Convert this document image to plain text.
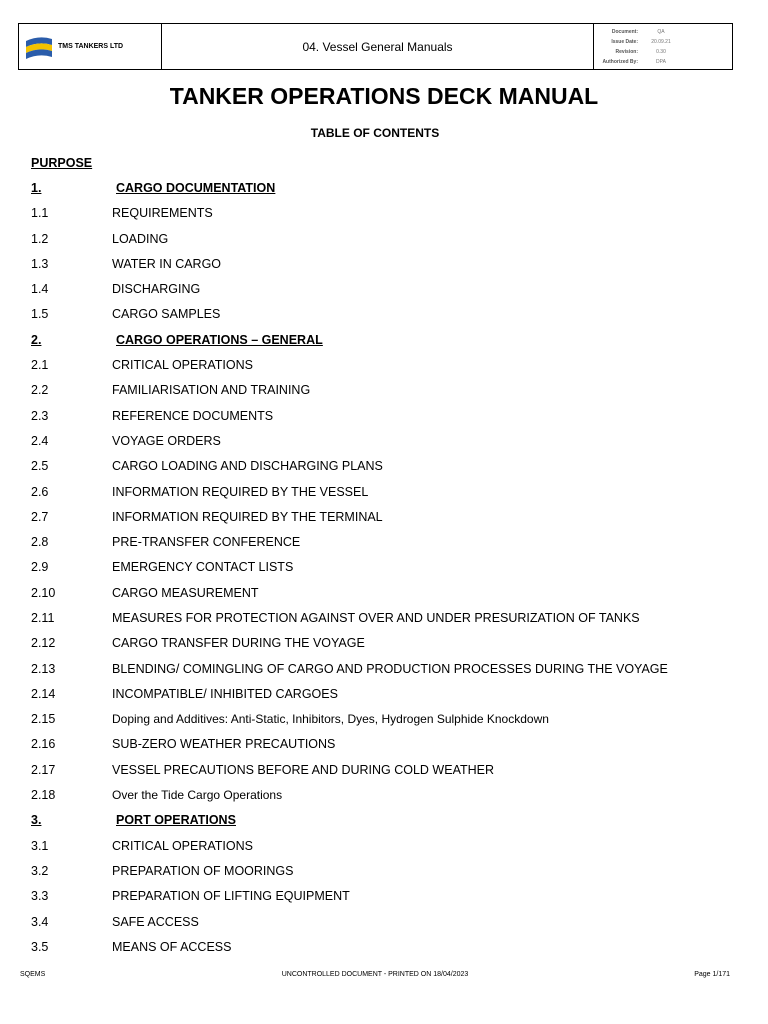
TMS TANKERS LTD	04. Vessel General Manuals
Document:	QA
Issue Date:	20.09.21
Revision:	0.30
Authorized By:	DPA
TANKER OPERATIONS DECK MANUAL
TABLE OF CONTENTS
PURPOSE
1.	CARGO DOCUMENTATION
1.1	REQUIREMENTS
1.2	LOADING
1.3	WATER IN CARGO
1.4	DISCHARGING
1.5	CARGO SAMPLES
2.	CARGO OPERATIONS – GENERAL
2.1	CRITICAL OPERATIONS
2.2	FAMILIARISATION AND TRAINING
2.3	REFERENCE DOCUMENTS
2.4	VOYAGE ORDERS
2.5	CARGO LOADING AND DISCHARGING PLANS
2.6	INFORMATION REQUIRED BY THE VESSEL
2.7	INFORMATION REQUIRED BY THE TERMINAL
2.8	PRE-TRANSFER CONFERENCE
2.9	EMERGENCY CONTACT LISTS
2.10	CARGO MEASUREMENT
2.11	MEASURES FOR PROTECTION AGAINST OVER AND UNDER PRESURIZATION OF TANKS
2.12	CARGO TRANSFER DURING THE VOYAGE
2.13	BLENDING/ COMINGLING OF CARGO AND PRODUCTION PROCESSES DURING THE VOYAGE
2.14	INCOMPATIBLE/ INHIBITED CARGOES
2.15	Doping and Additives: Anti-Static, Inhibitors, Dyes, Hydrogen Sulphide Knockdown
2.16	SUB-ZERO WEATHER PRECAUTIONS
2.17	VESSEL PRECAUTIONS BEFORE AND DURING COLD WEATHER
2.18	Over the Tide Cargo Operations
3.	PORT OPERATIONS
3.1	CRITICAL OPERATIONS
3.2	PREPARATION OF MOORINGS
3.3	PREPARATION OF LIFTING EQUIPMENT
3.4	SAFE ACCESS
3.5	MEANS OF ACCESS
SQEMS	UNCONTROLLED DOCUMENT - PRINTED ON 18/04/2023	Page 1/171
